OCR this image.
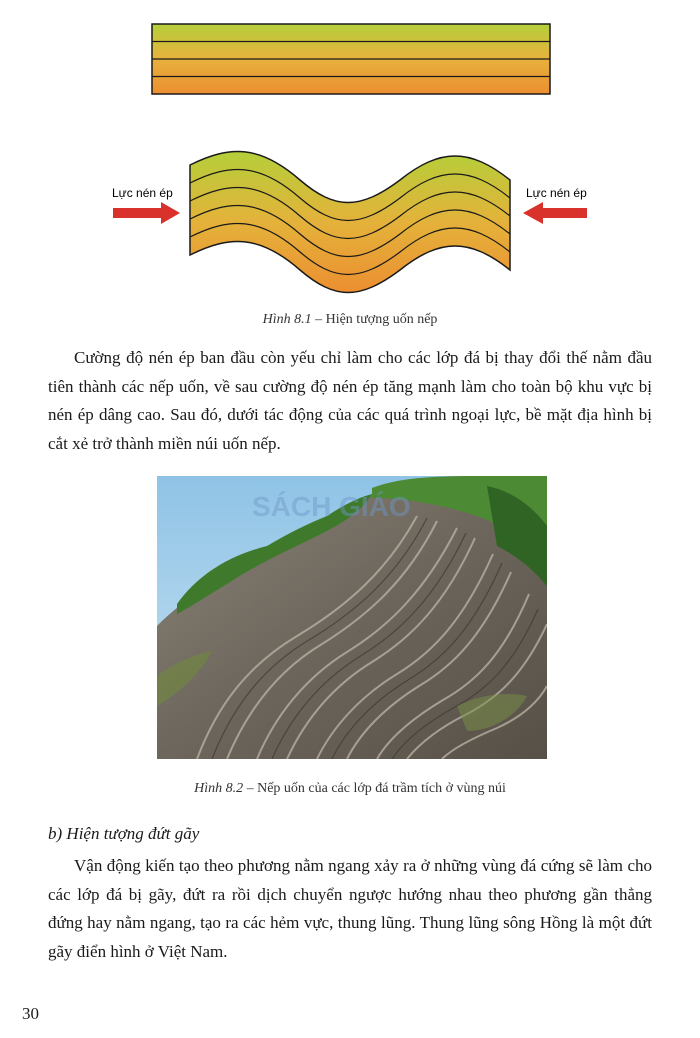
Lực nén ép	Lực nén ép
Hình 8.1 – Hiện tượng uốn nếp

Cường độ nén ép ban đầu còn yếu chỉ làm cho các lớp đá bị thay đổi thế nằm đầu tiên thành các nếp uốn, về sau cường độ nén ép tăng mạnh làm cho toàn bộ khu vực bị nén ép dâng cao. Sau đó, dưới tác động của các quá trình ngoại lực, bề mặt địa hình bị cắt xẻ trở thành miền núi uốn nếp.

SÁCH GIÁO
Hình 8.2 – Nếp uốn của các lớp đá trầm tích ở vùng núi

b) Hiện tượng đứt gãy

Vận động kiến tạo theo phương nằm ngang xảy ra ở những vùng đá cứng sẽ làm cho các lớp đá bị gãy, đứt ra rồi dịch chuyển ngược hướng nhau theo phương gần thẳng đứng hay nằm ngang, tạo ra các hẻm vực, thung lũng. Thung lũng sông Hồng là một đứt gãy điển hình ở Việt Nam.

30
